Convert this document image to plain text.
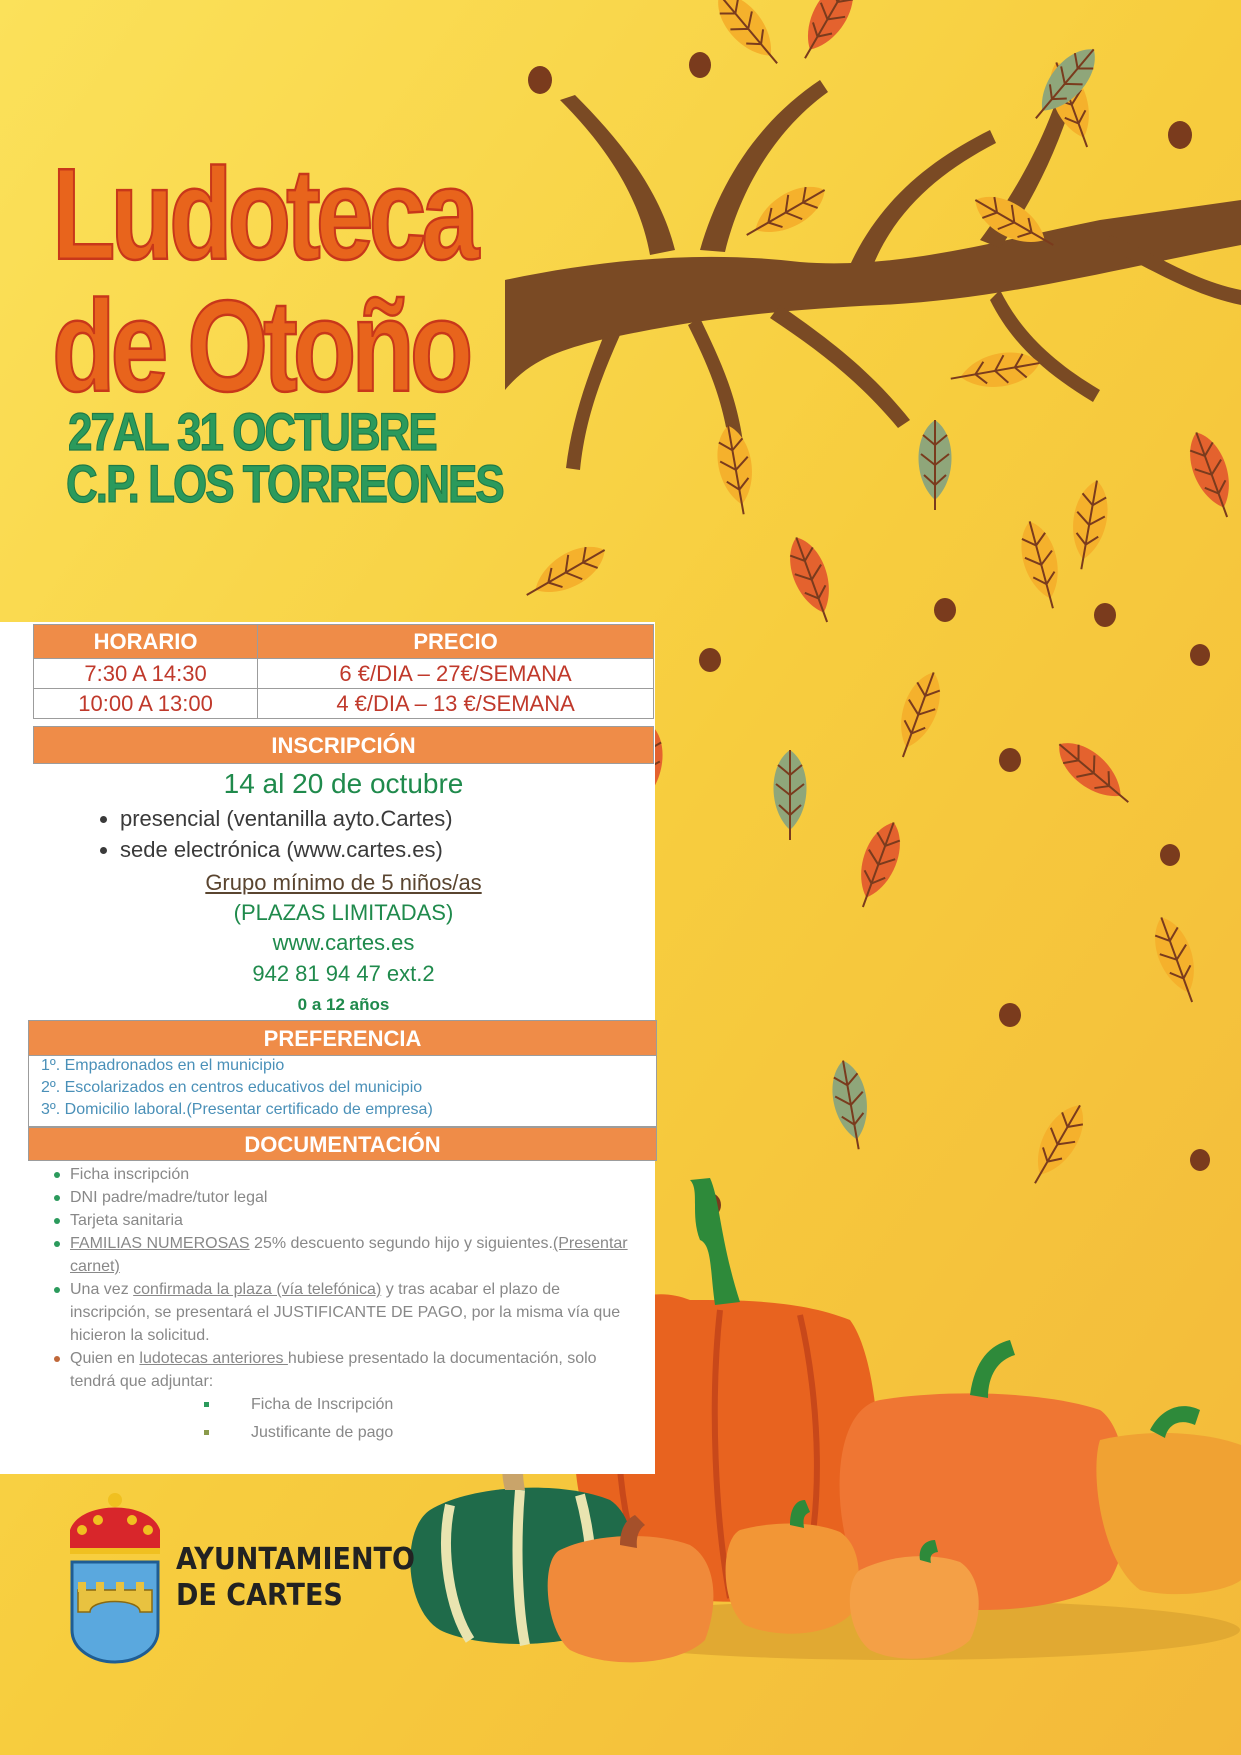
Ludoteca
de Otoño
27AL 31 OCTUBRE
C.P. LOS TORREONES
HORARIO	PRECIO
7:30 A 14:30	6 €/DIA – 27€/SEMANA
10:00 A 13:00	4 €/DIA – 13 €/SEMANA
INSCRIPCIÓN
14 al 20 de octubre
• presencial (ventanilla ayto.Cartes)
• sede electrónica (www.cartes.es)
Grupo mínimo de 5 niños/as
(PLAZAS LIMITADAS)
www.cartes.es
942 81 94 47 ext.2
0 a 12 años
PREFERENCIA
1º. Empadronados en el municipio
2º. Escolarizados en centros educativos del municipio
3º. Domicilio laboral.(Presentar certificado de empresa)
DOCUMENTACIÓN
Ficha inscripción
DNI padre/madre/tutor legal
Tarjeta sanitaria
FAMILIAS NUMEROSAS 25% descuento segundo hijo y siguientes.(Presentar carnet)
Una vez confirmada la plaza (vía telefónica) y tras acabar el plazo de inscripción, se presentará el JUSTIFICANTE DE PAGO, por la misma vía que hicieron la solicitud.
Quien en ludotecas anteriores hubiese presentado la documentación, solo tendrá que adjuntar:
Ficha de Inscripción
Justificante de pago
AYUNTAMIENTO
DE CARTES
